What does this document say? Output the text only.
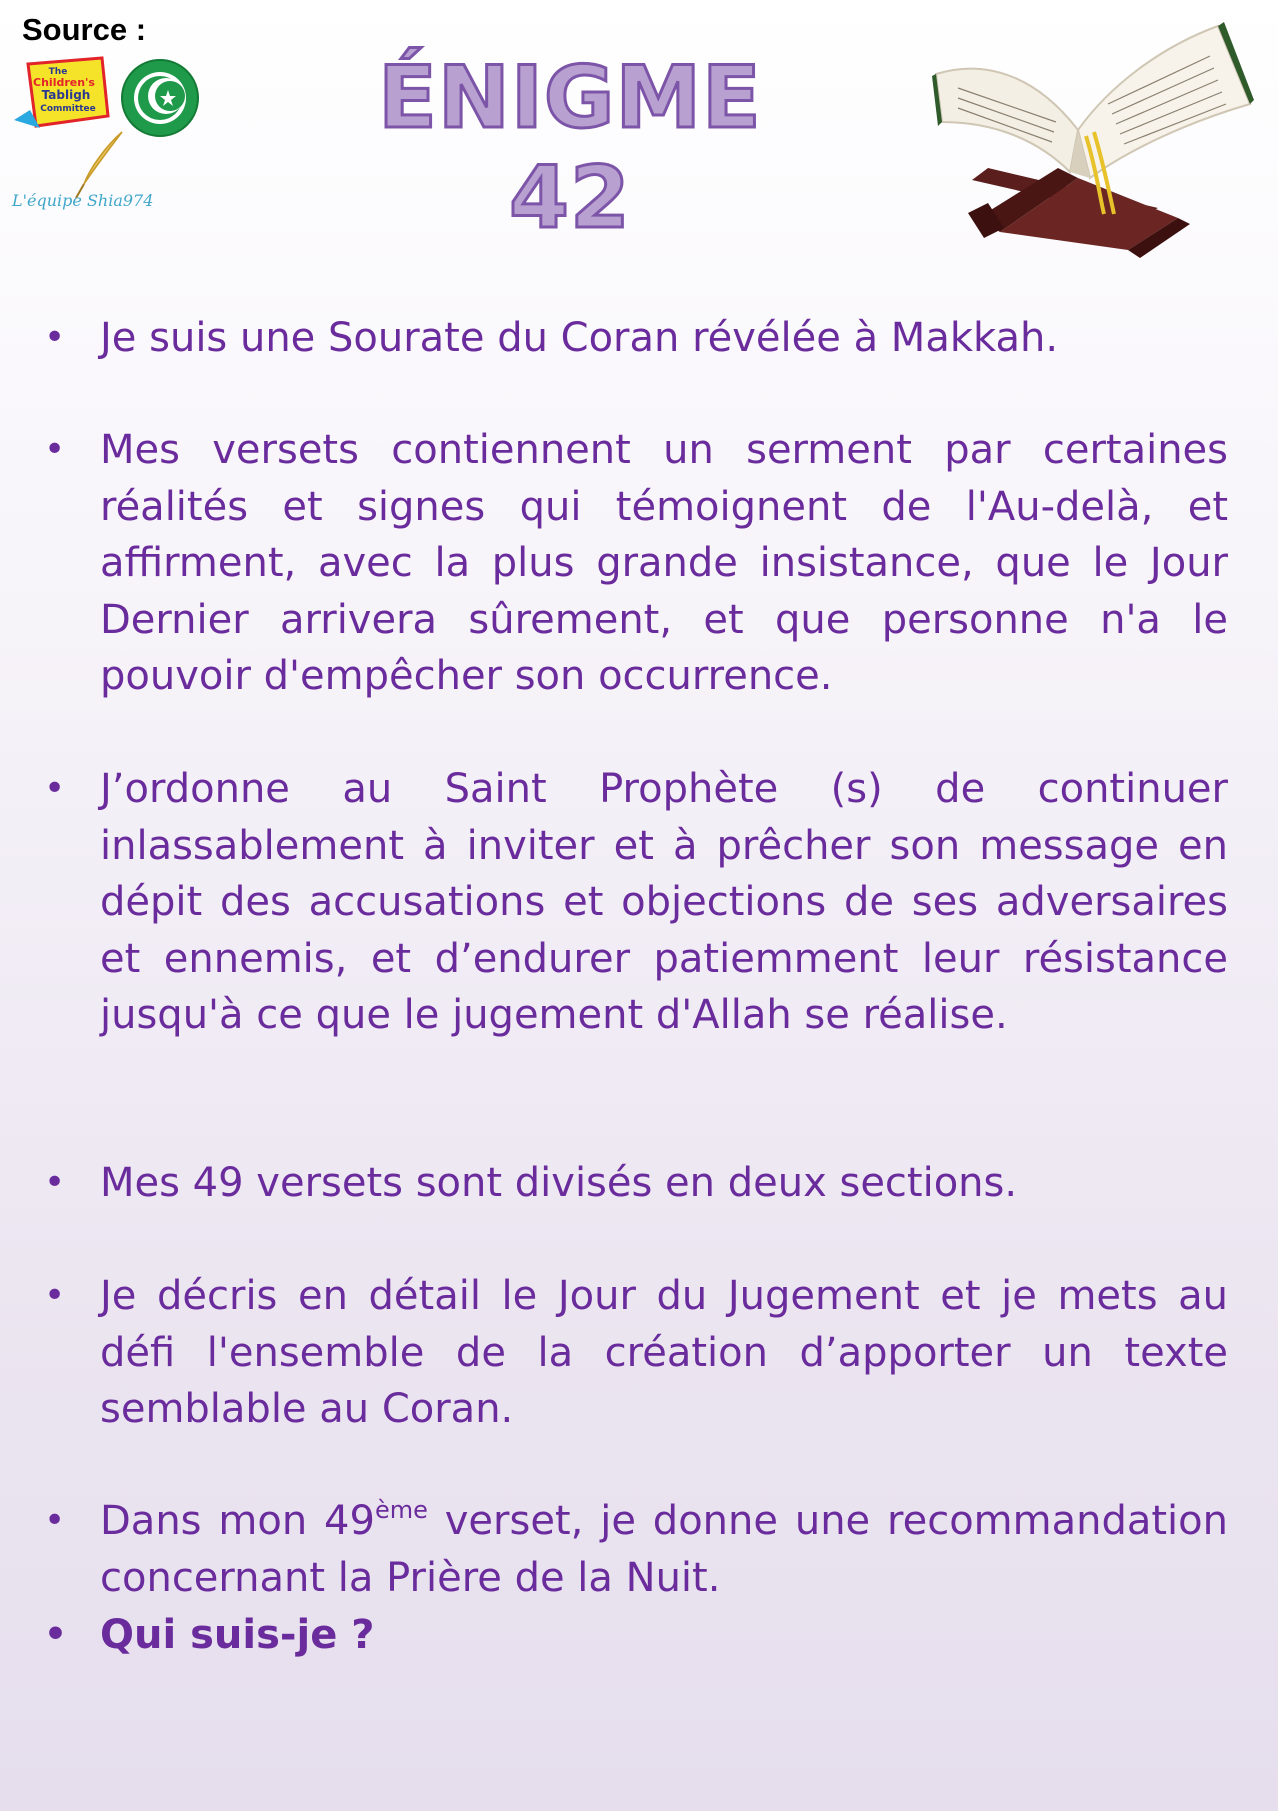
Source :
The
Children's
Tabligh
Committee
L'équipe Shia974
ÉNIGME 42
• Je suis une Sourate du Coran révélée à Makkah.
• Mes versets contiennent un serment par certaines réalités et signes qui témoignent de l'Au-delà, et affirment, avec la plus grande insistance, que le Jour Dernier arrivera sûrement, et que personne n'a le pouvoir d'empêcher son occurrence.
• J’ordonne au Saint Prophète (s) de continuer inlassablement à inviter et à prêcher son message en dépit des accusations et objections de ses adversaires et ennemis, et d’endurer patiemment leur résistance jusqu'à ce que le jugement d'Allah se réalise.
• Mes 49 versets sont divisés en deux sections.
• Je décris en détail le Jour du Jugement et je mets au défi l'ensemble de la création d’apporter un texte semblable au Coran.
• Dans mon 49ème verset, je donne une recommandation concernant la Prière de la Nuit.
• Qui suis-je ?
